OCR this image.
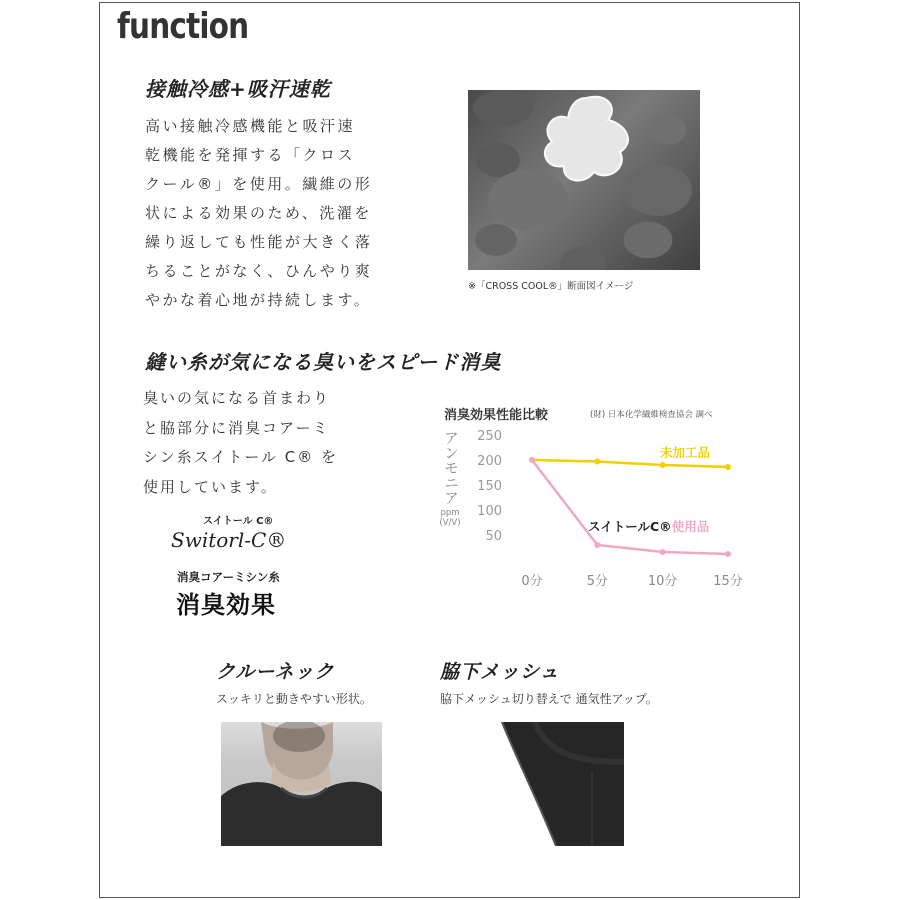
function
接触冷感+吸汗速乾
高い接触冷感機能と吸汗速
乾機能を発揮する「クロス
クール®」を使用。繊維の形
状による効果のため、洗濯を
繰り返しても性能が大きく落
ちることがなく、ひんやり爽
やかな着心地が持続します。
※「CROSS COOL®」断面図イメージ
縫い糸が気になる臭いをスピード消臭
臭いの気になる首まわり
と脇部分に消臭コアーミ
シン糸スイトール C® を
使用しています。
スイトール C®
Switorl-C®
消臭コアーミシン糸
消臭効果
消臭効果性能比較	(財) 日本化学繊維検査協会 調べ
アンモニア
ppm (V/V)
50
100
150
200
250
0分	5分	10分	15分
未加工品
スイトールC®使用品
クルーネック
スッキリと動きやすい形状。
脇下メッシュ
脇下メッシュ切り替えで 通気性アップ。
